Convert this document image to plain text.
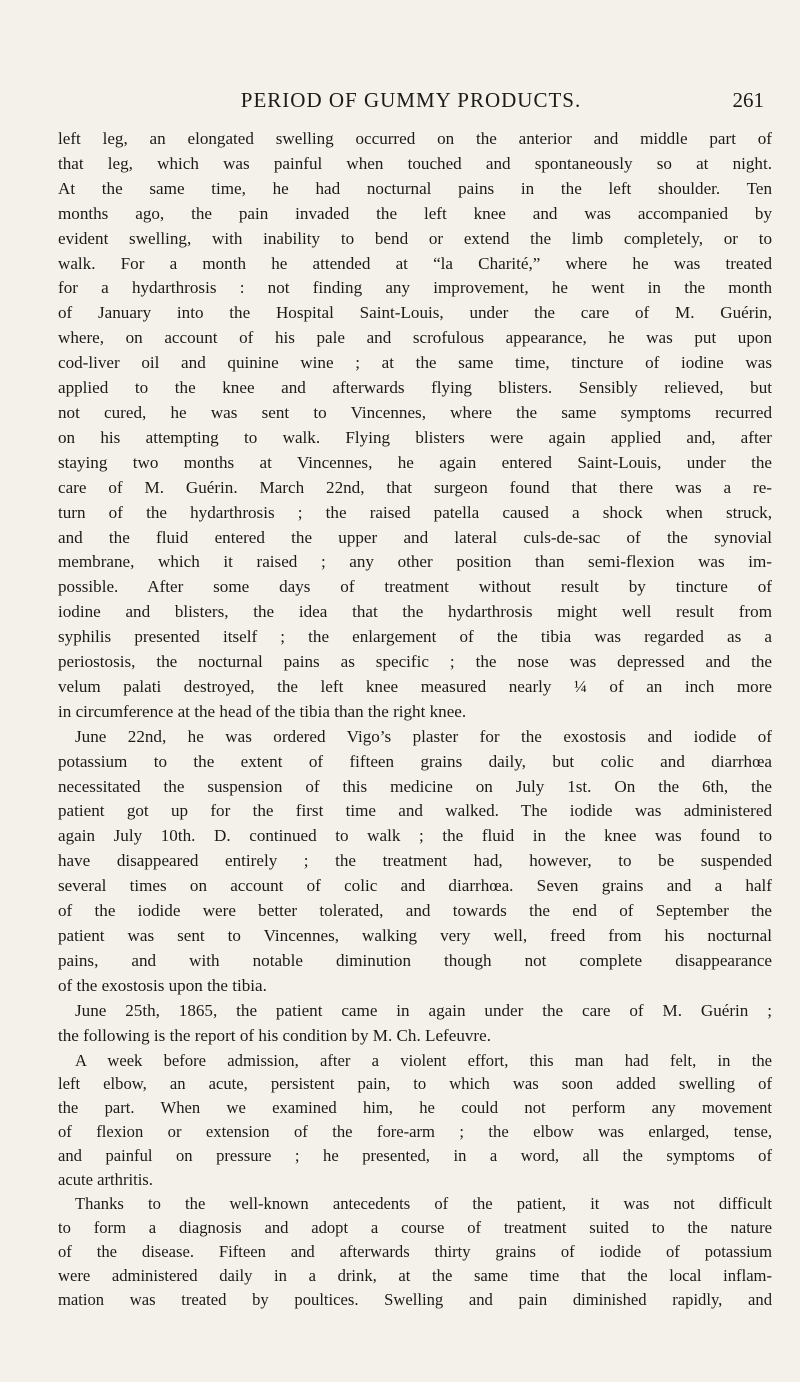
PERIOD OF GUMMY PRODUCTS.	261
left leg, an elongated swelling occurred on the anterior and middle part of
that leg, which was painful when touched and spontaneously so at night.
At the same time, he had nocturnal pains in the left shoulder. Ten
months ago, the pain invaded the left knee and was accompanied by
evident swelling, with inability to bend or extend the limb completely, or to
walk. For a month he attended at “la Charité,” where he was treated
for a hydarthrosis : not finding any improvement, he went in the month
of January into the Hospital Saint-Louis, under the care of M. Guérin,
where, on account of his pale and scrofulous appearance, he was put upon
cod-liver oil and quinine wine ; at the same time, tincture of iodine was
applied to the knee and afterwards flying blisters. Sensibly relieved, but
not cured, he was sent to Vincennes, where the same symptoms recurred
on his attempting to walk. Flying blisters were again applied and, after
staying two months at Vincennes, he again entered Saint-Louis, under the
care of M. Guérin. March 22nd, that surgeon found that there was a re-
turn of the hydarthrosis ; the raised patella caused a shock when struck,
and the fluid entered the upper and lateral culs-de-sac of the synovial
membrane, which it raised ; any other position than semi-flexion was im-
possible. After some days of treatment without result by tincture of
iodine and blisters, the idea that the hydarthrosis might well result from
syphilis presented itself ; the enlargement of the tibia was regarded as a
periostosis, the nocturnal pains as specific ; the nose was depressed and the
velum palati destroyed, the left knee measured nearly ¼ of an inch more
in circumference at the head of the tibia than the right knee.
June 22nd, he was ordered Vigo’s plaster for the exostosis and iodide of
potassium to the extent of fifteen grains daily, but colic and diarrhœa
necessitated the suspension of this medicine on July 1st. On the 6th, the
patient got up for the first time and walked. The iodide was administered
again July 10th. D. continued to walk ; the fluid in the knee was found to
have disappeared entirely ; the treatment had, however, to be suspended
several times on account of colic and diarrhœa. Seven grains and a half
of the iodide were better tolerated, and towards the end of September the
patient was sent to Vincennes, walking very well, freed from his nocturnal
pains, and with notable diminution though not complete disappearance
of the exostosis upon the tibia.
June 25th, 1865, the patient came in again under the care of M. Guérin ;
the following is the report of his condition by M. Ch. Lefeuvre.
A week before admission, after a violent effort, this man had felt, in the
left elbow, an acute, persistent pain, to which was soon added swelling of
the part. When we examined him, he could not perform any movement
of flexion or extension of the fore-arm ; the elbow was enlarged, tense,
and painful on pressure ; he presented, in a word, all the symptoms of
acute arthritis.
Thanks to the well-known antecedents of the patient, it was not difficult
to form a diagnosis and adopt a course of treatment suited to the nature
of the disease. Fifteen and afterwards thirty grains of iodide of potassium
were administered daily in a drink, at the same time that the local inflam-
mation was treated by poultices. Swelling and pain diminished rapidly, and
